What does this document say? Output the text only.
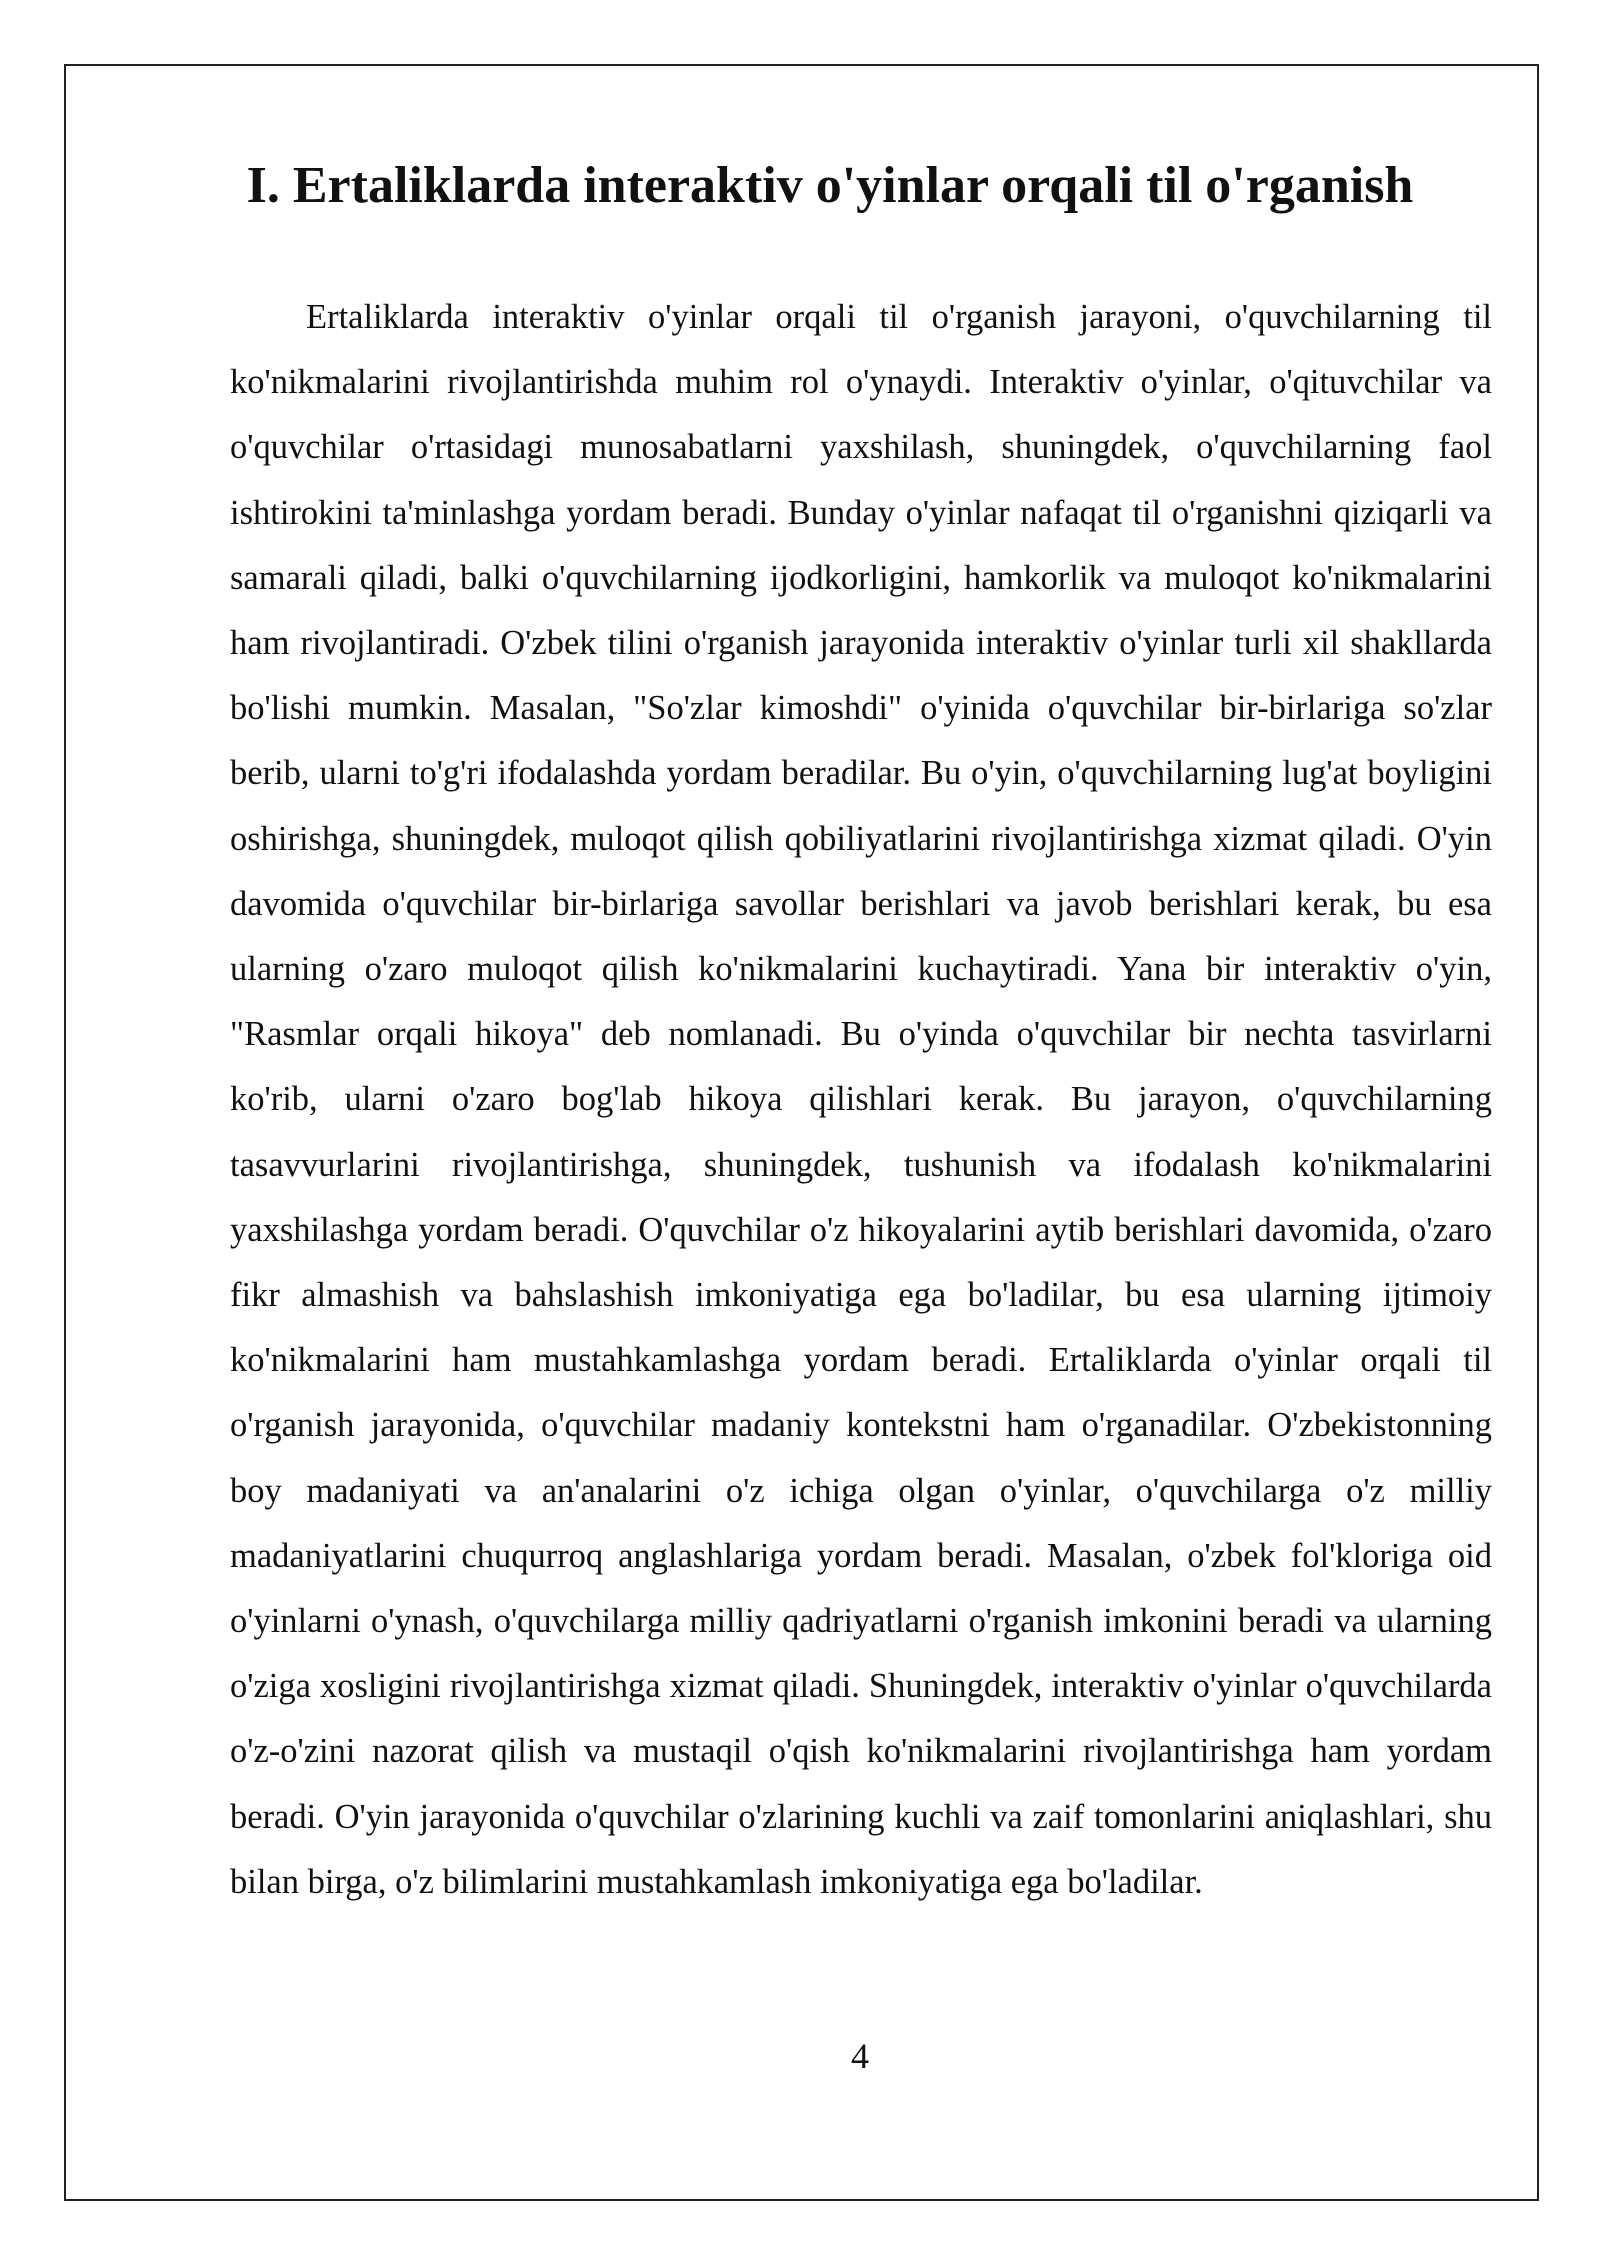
I. Ertaliklarda interaktiv o'yinlar orqali til o'rganish

Ertaliklarda interaktiv o'yinlar orqali til o'rganish jarayoni, o'quvchilarning til ko'nikmalarini rivojlantirishda muhim rol o'ynaydi. Interaktiv o'yinlar, o'qituvchilar va o'quvchilar o'rtasidagi munosabatlarni yaxshilash, shuningdek, o'quvchilarning faol ishtirokini ta'minlashga yordam beradi. Bunday o'yinlar nafaqat til o'rganishni qiziqarli va samarali qiladi, balki o'quvchilarning ijodkorligini, hamkorlik va muloqot ko'nikmalarini ham rivojlantiradi. O'zbek tilini o'rganish jarayonida interaktiv o'yinlar turli xil shakllarda bo'lishi mumkin. Masalan, "So'zlar kimoshdi" o'yinida o'quvchilar bir-birlariga so'zlar berib, ularni to'g'ri ifodalashda yordam beradilar. Bu o'yin, o'quvchilarning lug'at boyligini oshirishga, shuningdek, muloqot qilish qobiliyatlarini rivojlantirishga xizmat qiladi. O'yin davomida o'quvchilar bir-birlariga savollar berishlari va javob berishlari kerak, bu esa ularning o'zaro muloqot qilish ko'nikmalarini kuchaytiradi. Yana bir interaktiv o'yin, "Rasmlar orqali hikoya" deb nomlanadi. Bu o'yinda o'quvchilar bir nechta tasvirlarni ko'rib, ularni o'zaro bog'lab hikoya qilishlari kerak. Bu jarayon, o'quvchilarning tasavvurlarini rivojlantirishga, shuningdek, tushunish va ifodalash ko'nikmalarini yaxshilashga yordam beradi. O'quvchilar o'z hikoyalarini aytib berishlari davomida, o'zaro fikr almashish va bahslashish imkoniyatiga ega bo'ladilar, bu esa ularning ijtimoiy ko'nikmalarini ham mustahkamlashga yordam beradi. Ertaliklarda o'yinlar orqali til o'rganish jarayonida, o'quvchilar madaniy kontekstni ham o'rganadilar. O'zbekistonning boy madaniyati va an'analarini o'z ichiga olgan o'yinlar, o'quvchilarga o'z milliy madaniyatlarini chuqurroq anglashlariga yordam beradi. Masalan, o'zbek fol'kloriga oid o'yinlarni o'ynash, o'quvchilarga milliy qadriyatlarni o'rganish imkonini beradi va ularning o'ziga xosligini rivojlantirishga xizmat qiladi. Shuningdek, interaktiv o'yinlar o'quvchilarda o'z-o'zini nazorat qilish va mustaqil o'qish ko'nikmalarini rivojlantirishga ham yordam beradi. O'yin jarayonida o'quvchilar o'zlarining kuchli va zaif tomonlarini aniqlashlari, shu bilan birga, o'z bilimlarini mustahkamlash imkoniyatiga ega bo'ladilar.

4
